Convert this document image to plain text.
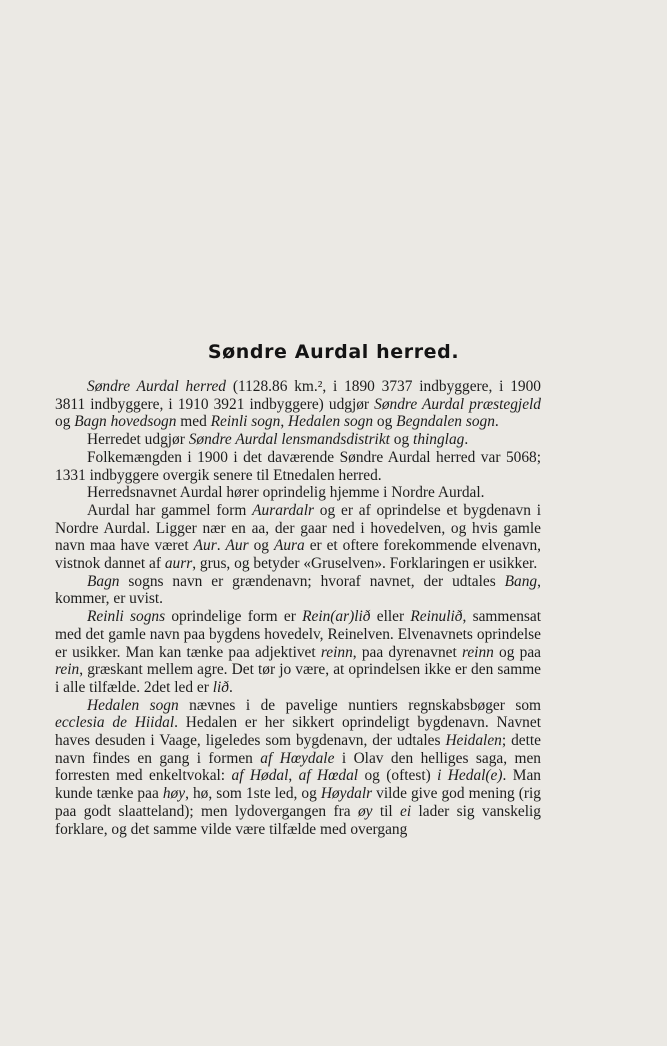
Søndre Aurdal herred.

Søndre Aurdal herred (1128.86 km.², i 1890 3737 indbyggere, i 1900 3811 indbyggere, i 1910 3921 indbyggere) udgjør Søndre Aurdal præstegjeld og Bagn hovedsogn med Reinli sogn, Hedalen sogn og Begndalen sogn.

Herredet udgjør Søndre Aurdal lensmandsdistrikt og thinglag.

Folkemængden i 1900 i det daværende Søndre Aurdal herred var 5068; 1331 indbyggere overgik senere til Etnedalen herred.

Herredsnavnet Aurdal hører oprindelig hjemme i Nordre Aurdal.

Aurdal har gammel form Aurardalr og er af oprindelse et bygdenavn i Nordre Aurdal. Ligger nær en aa, der gaar ned i hovedelven, og hvis gamle navn maa have været Aur. Aur og Aura er et oftere forekommende elvenavn, vistnok dannet af aurr, grus, og betyder «Gruselven». Forklaringen er usikker.

Bagn sogns navn er grændenavn; hvoraf navnet, der udtales Bang, kommer, er uvist.

Reinli sogns oprindelige form er Rein(ar)lið eller Reinulið, sammensat med det gamle navn paa bygdens hovedelv, Reinelven. Elvenavnets oprindelse er usikker. Man kan tænke paa adjektivet reinn, paa dyrenavnet reinn og paa rein, græskant mellem agre. Det tør jo være, at oprindelsen ikke er den samme i alle tilfælde. 2det led er lið.

Hedalen sogn nævnes i de pavelige nuntiers regnskabsbøger som ecclesia de Hiidal. Hedalen er her sikkert oprindeligt bygdenavn. Navnet haves desuden i Vaage, ligeledes som bygdenavn, der udtales Heidalen; dette navn findes en gang i formen af Hœydale i Olav den helliges saga, men forresten med enkeltvokal: af Hødal, af Hœdal og (oftest) i Hedal(e). Man kunde tænke paa høy, hø, som 1ste led, og Høydalr vilde give god mening (rig paa godt slaatteland); men lydovergangen fra øy til ei lader sig vanskelig forklare, og det samme vilde være tilfælde med overgang
